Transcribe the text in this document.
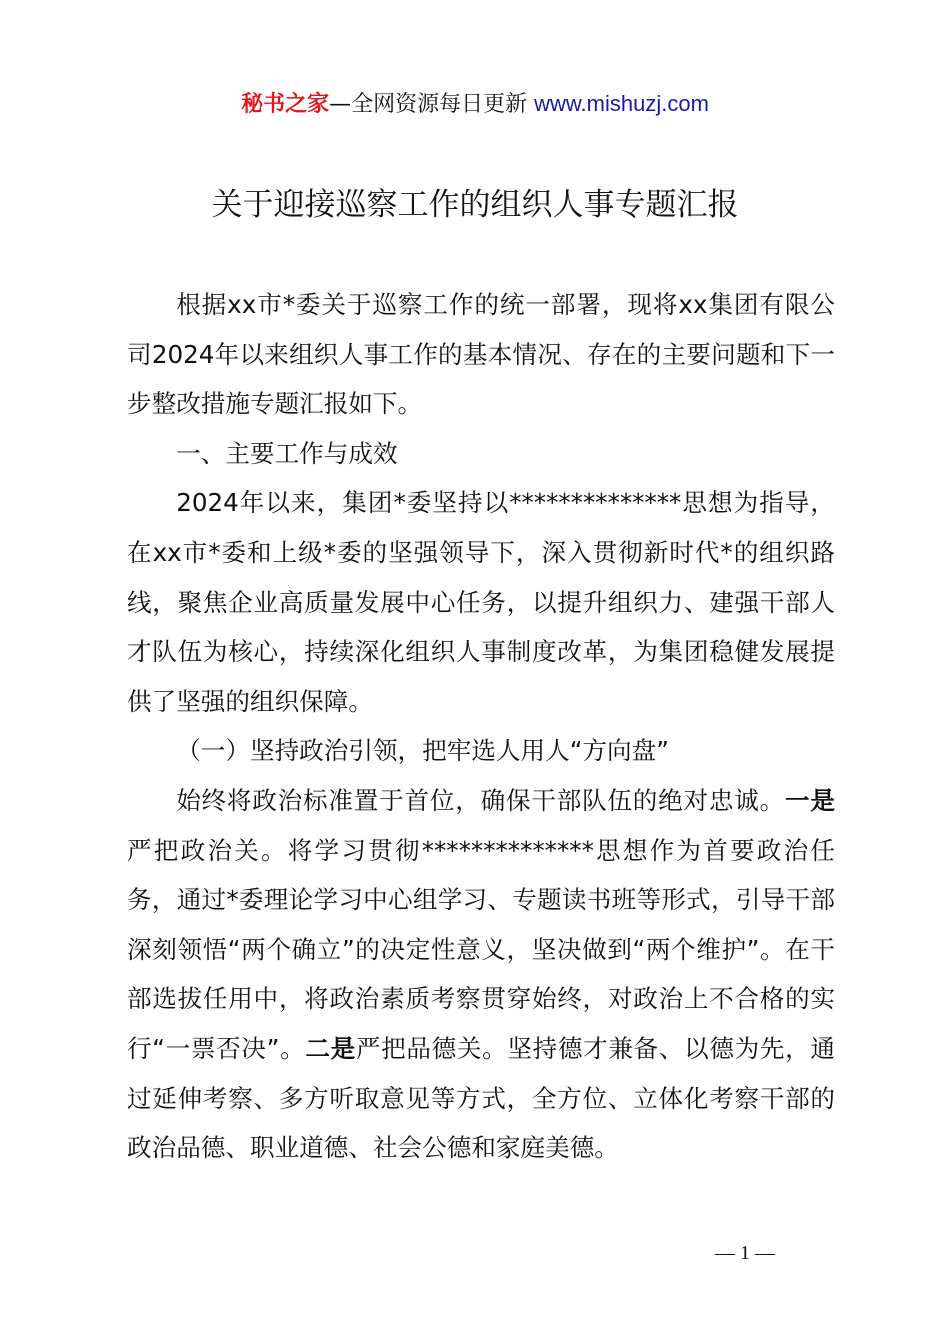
秘书之家—全网资源每日更新 www.mishuzj.com
关于迎接巡察工作的组织人事专题汇报

根据xx市*委关于巡察工作的统一部署，现将xx集团有限公司2024年以来组织人事工作的基本情况、存在的主要问题和下一步整改措施专题汇报如下。

一、主要工作与成效

2024年以来，集团*委坚持以**************思想为指导，在xx市*委和上级*委的坚强领导下，深入贯彻新时代*的组织路线，聚焦企业高质量发展中心任务，以提升组织力、建强干部人才队伍为核心，持续深化组织人事制度改革，为集团稳健发展提供了坚强的组织保障。

（一）坚持政治引领，把牢选人用人“方向盘”

始终将政治标准置于首位，确保干部队伍的绝对忠诚。一是严把政治关。将学习贯彻**************思想作为首要政治任务，通过*委理论学习中心组学习、专题读书班等形式，引导干部深刻领悟“两个确立”的决定性意义，坚决做到“两个维护”。在干部选拔任用中，将政治素质考察贯穿始终，对政治上不合格的实行“一票否决”。二是严把品德关。坚持德才兼备、以德为先，通过延伸考察、多方听取意见等方式，全方位、立体化考察干部的政治品德、职业道德、社会公德和家庭美德。

— 1 —
